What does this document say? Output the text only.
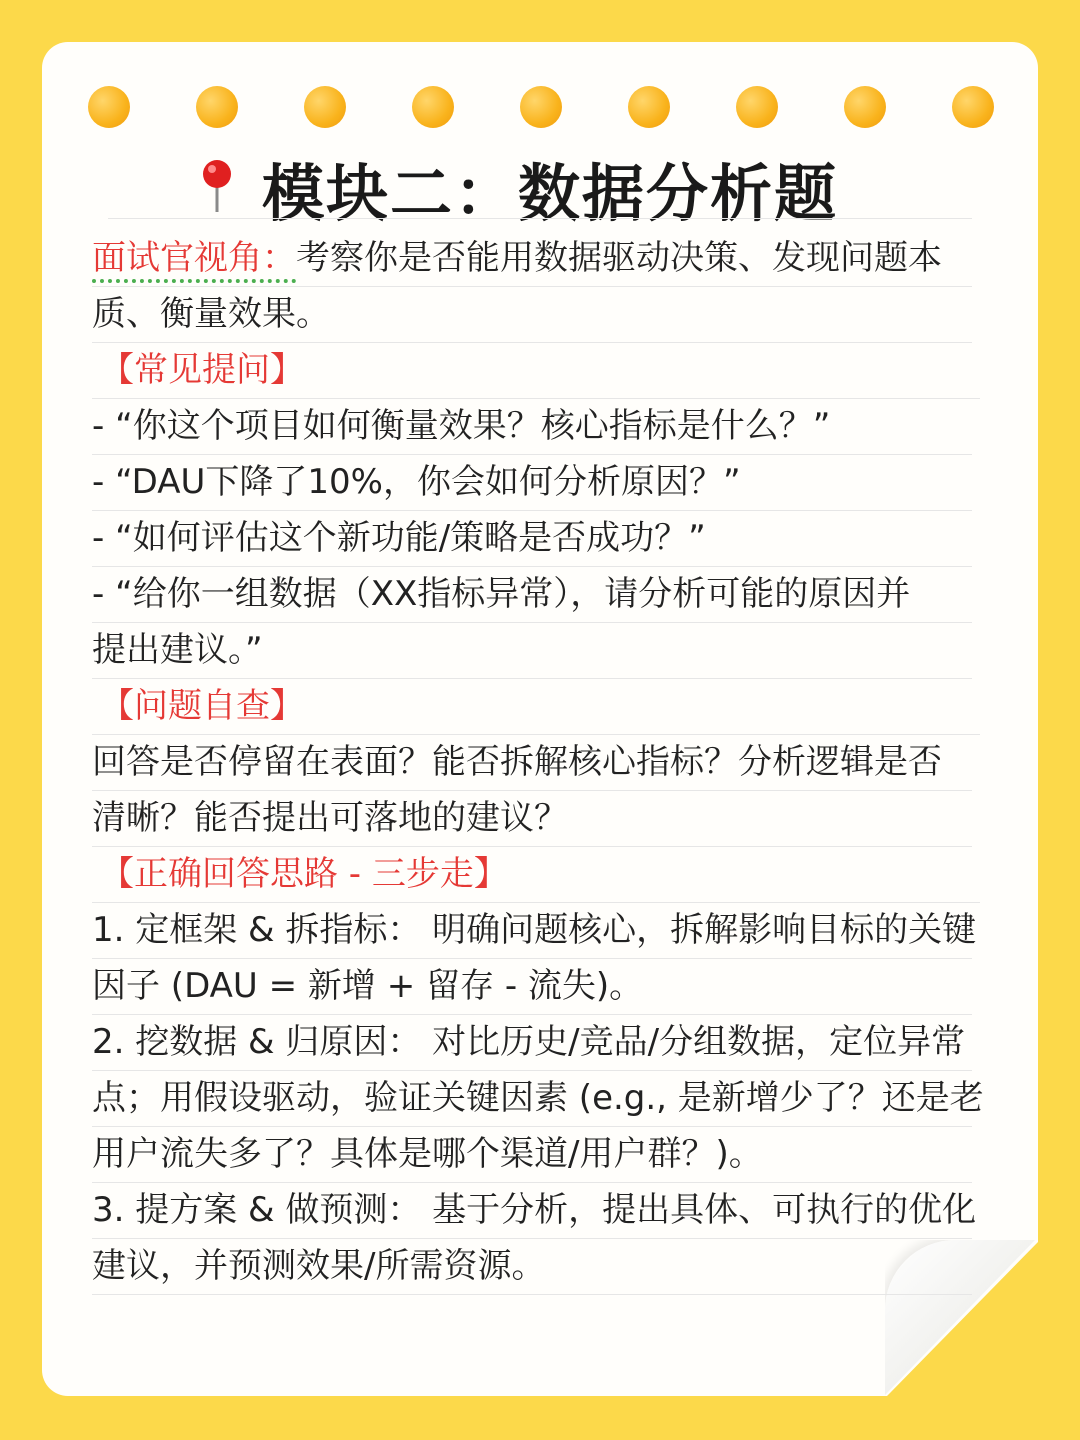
模块二：数据分析题
面试官视角：考察你是否能用数据驱动决策、发现问题本
质、衡量效果。
【常见提问】
- “你这个项目如何衡量效果？核心指标是什么？”
- “DAU下降了10%，你会如何分析原因？”
- “如何评估这个新功能/策略是否成功？”
- “给你一组数据（XX指标异常），请分析可能的原因并
提出建议。”
【问题自查】
回答是否停留在表面？能否拆解核心指标？分析逻辑是否
清晰？能否提出可落地的建议？
【正确回答思路 - 三步走】
1. 定框架 & 拆指标： 明确问题核心，拆解影响目标的关键
因子 (DAU = 新增 + 留存 - 流失)。
2. 挖数据 & 归原因： 对比历史/竞品/分组数据，定位异常
点；用假设驱动，验证关键因素 (e.g., 是新增少了？还是老
用户流失多了？具体是哪个渠道/用户群？)。
3. 提方案 & 做预测： 基于分析，提出具体、可执行的优化
建议，并预测效果/所需资源。
